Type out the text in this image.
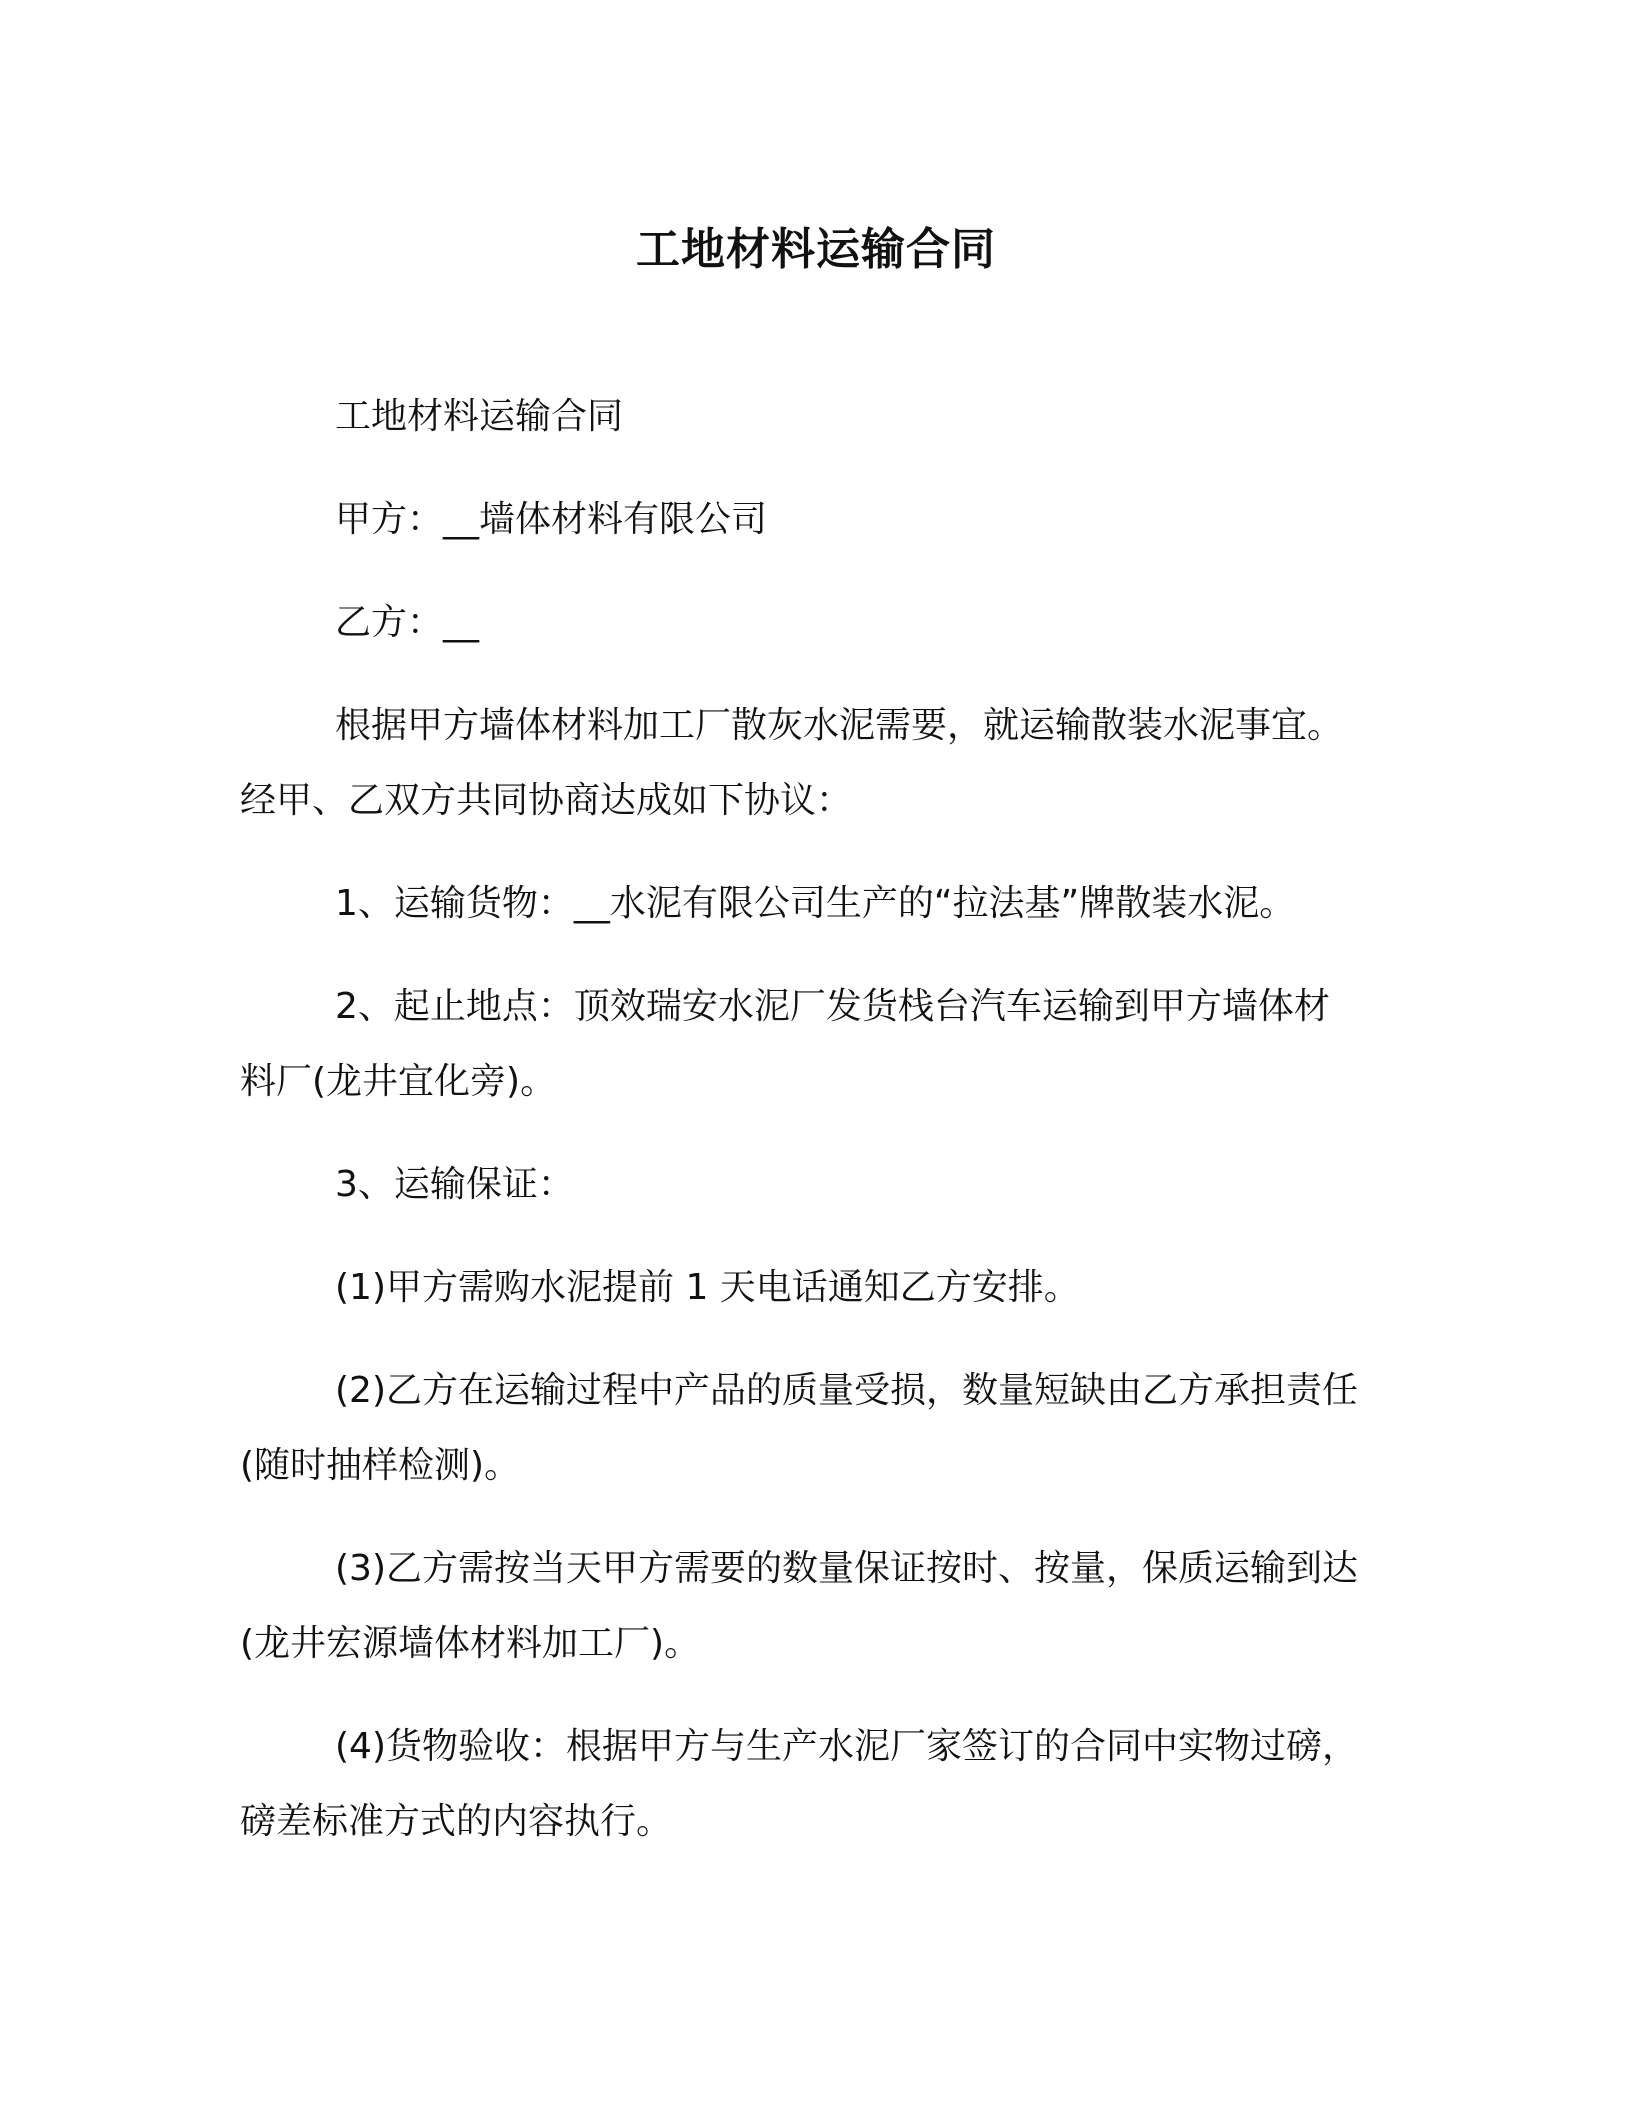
工地材料运输合同
工地材料运输合同
甲方：__墙体材料有限公司
乙方：__
根据甲方墙体材料加工厂散灰水泥需要，就运输散装水泥事宜。
经甲、乙双方共同协商达成如下协议：
1、运输货物：__水泥有限公司生产的“拉法基”牌散装水泥。
2、起止地点：顶效瑞安水泥厂发货栈台汽车运输到甲方墙体材
料厂(龙井宜化旁)。
3、运输保证：
(1)甲方需购水泥提前 1 天电话通知乙方安排。
(2)乙方在运输过程中产品的质量受损，数量短缺由乙方承担责任
(随时抽样检测)。
(3)乙方需按当天甲方需要的数量保证按时、按量，保质运输到达
(龙井宏源墙体材料加工厂)。
(4)货物验收：根据甲方与生产水泥厂家签订的合同中实物过磅，
磅差标准方式的内容执行。
